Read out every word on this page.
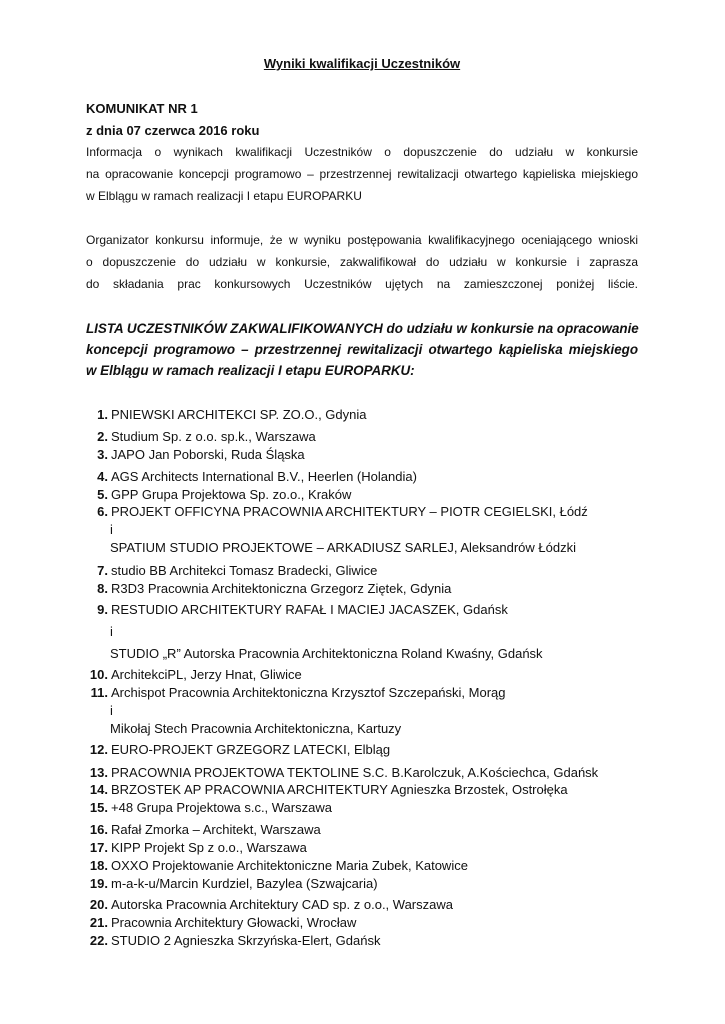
Wyniki kwalifikacji Uczestników
KOMUNIKAT NR 1
z dnia 07 czerwca 2016 roku
Informacja o wynikach kwalifikacji Uczestników o dopuszczenie do udziału w konkursie
na opracowanie koncepcji programowo – przestrzennej rewitalizacji otwartego kąpieliska miejskiego
w Elblągu w ramach realizacji I etapu EUROPARKU
Organizator konkursu informuje, że w wyniku postępowania kwalifikacyjnego oceniającego wnioski
o dopuszczenie do udziału w konkursie, zakwalifikował do udziału w konkursie i zaprasza
do składania prac konkursowych Uczestników ujętych na zamieszczonej poniżej liście.
LISTA UCZESTNIKÓW ZAKWALIFIKOWANYCH do udziału w konkursie na opracowanie
koncepcji programowo – przestrzennej rewitalizacji otwartego kąpieliska miejskiego
w Elblągu w ramach realizacji I etapu EUROPARKU:
1. PNIEWSKI ARCHITEKCI SP. ZO.O., Gdynia
2. Studium Sp. z o.o. sp.k., Warszawa
3. JAPO Jan Poborski, Ruda Śląska
4. AGS Architects International B.V., Heerlen (Holandia)
5. GPP Grupa Projektowa Sp. zo.o., Kraków
6. PROJEKT OFFICYNA PRACOWNIA ARCHITEKTURY – PIOTR CEGIELSKI, Łódź
i
SPATIUM STUDIO PROJEKTOWE – ARKADIUSZ SARLEJ, Aleksandrów Łódzki
7. studio BB Architekci Tomasz Bradecki, Gliwice
8. R3D3 Pracownia Architektoniczna Grzegorz Ziętek, Gdynia
9. RESTUDIO ARCHITEKTURY RAFAŁ I MACIEJ JACASZEK, Gdańsk
i
STUDIO „R” Autorska Pracownia Architektoniczna Roland Kwaśny, Gdańsk
10. ArchitekciPL, Jerzy Hnat, Gliwice
11. Archispot Pracownia Architektoniczna Krzysztof Szczepański, Morąg
i
Mikołaj Stech Pracownia Architektoniczna, Kartuzy
12. EURO-PROJEKT GRZEGORZ LATECKI, Elbląg
13. PRACOWNIA PROJEKTOWA TEKTOLINE S.C. B.Karolczuk, A.Kościechca, Gdańsk
14. BRZOSTEK AP PRACOWNIA ARCHITEKTURY Agnieszka Brzostek, Ostrołęka
15. +48 Grupa Projektowa s.c., Warszawa
16. Rafał Zmorka – Architekt, Warszawa
17. KIPP Projekt Sp z o.o., Warszawa
18. OXXO Projektowanie Architektoniczne Maria Zubek, Katowice
19. m-a-k-u/Marcin Kurdziel, Bazylea (Szwajcaria)
20. Autorska Pracownia Architektury CAD sp. z o.o., Warszawa
21. Pracownia Architektury Głowacki, Wrocław
22. STUDIO 2 Agnieszka Skrzyńska-Elert, Gdańsk
